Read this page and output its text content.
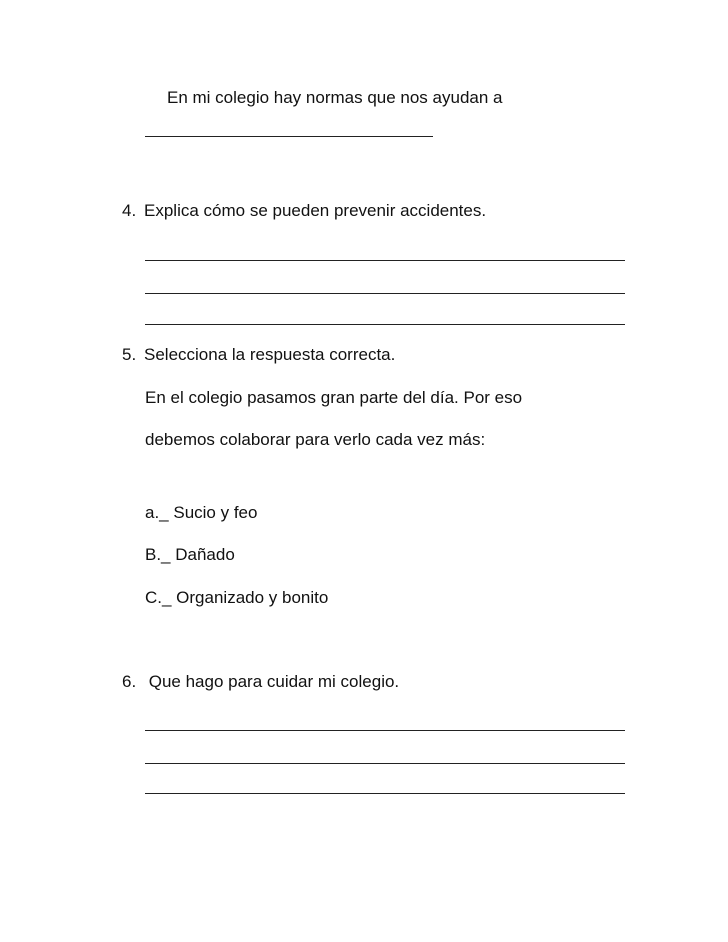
En mi colegio hay normas que nos ayudan a
4. Explica cómo se pueden prevenir accidentes.
5. Selecciona la respuesta correcta.
En el colegio pasamos gran parte del día. Por eso
debemos colaborar para verlo cada vez más:
a._ Sucio y feo
B._ Dañado
C._ Organizado y bonito
6. Que hago para cuidar mi colegio.
